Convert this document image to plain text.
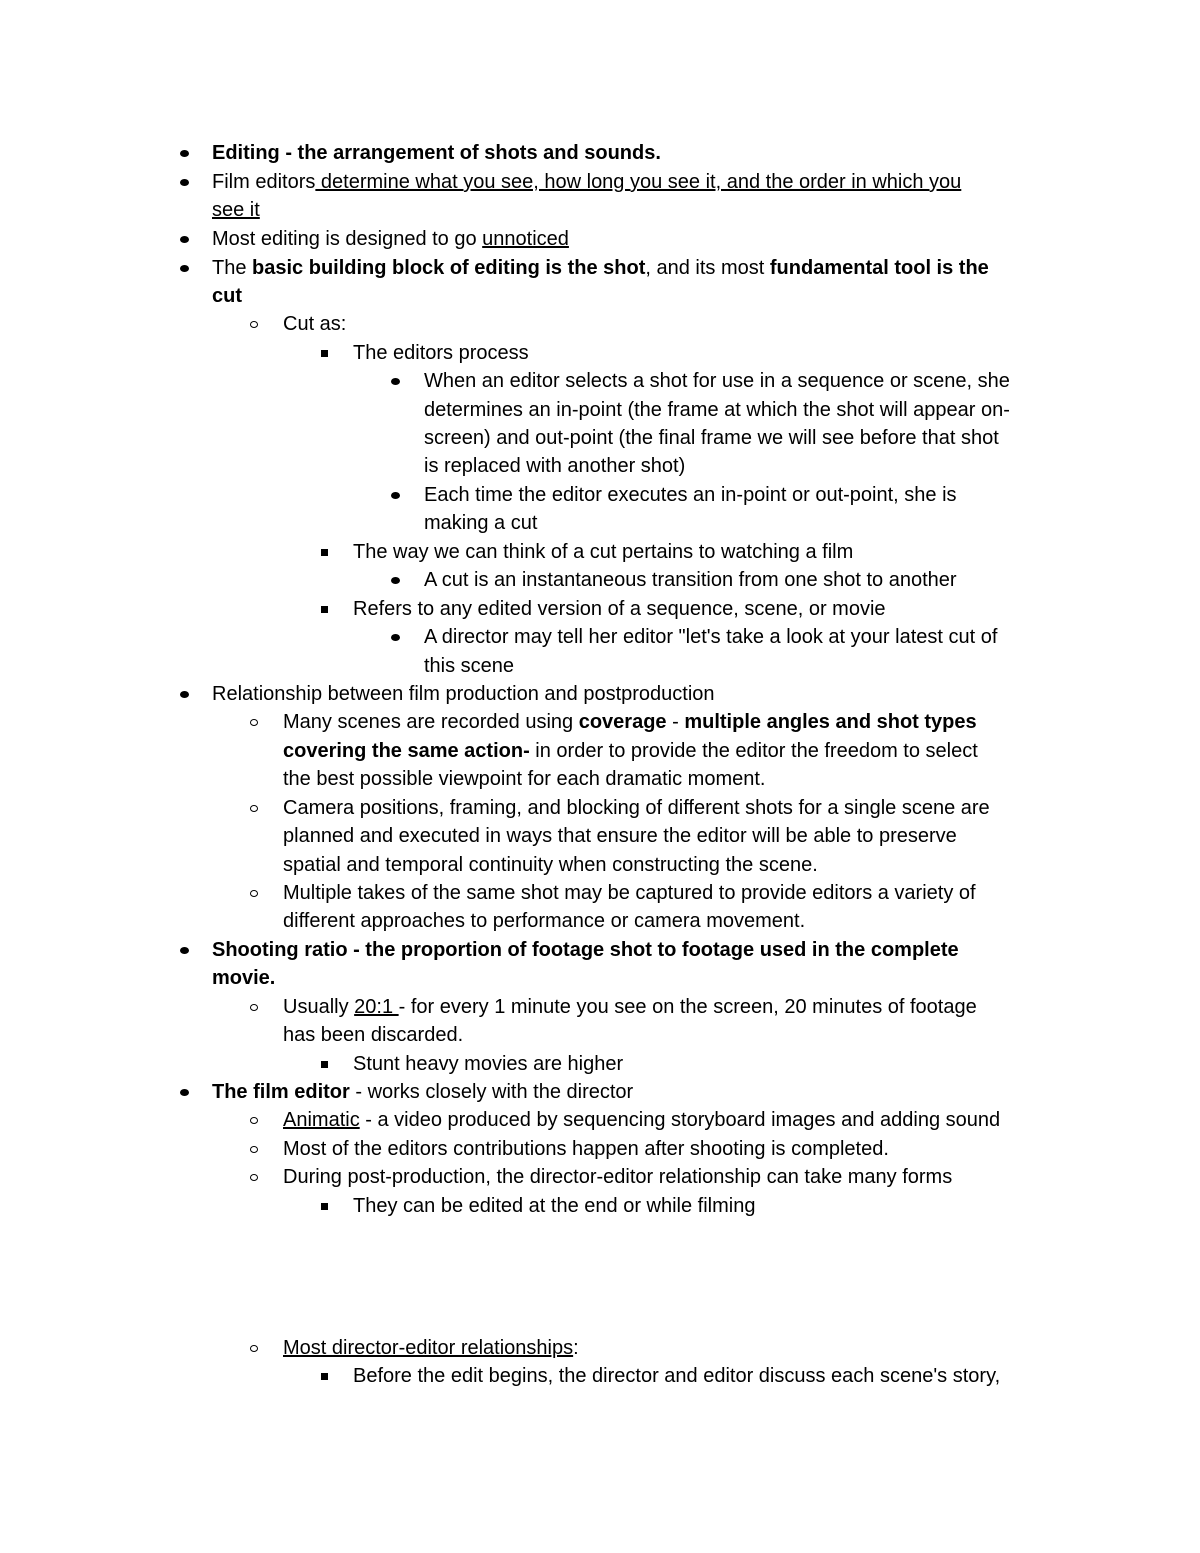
Editing - the arrangement of shots and sounds.
Film editors determine what you see, how long you see it, and the order in which you
see it
Most editing is designed to go unnoticed
The basic building block of editing is the shot, and its most fundamental tool is the
cut
Cut as:
The editors process
When an editor selects a shot for use in a sequence or scene, she
determines an in-point (the frame at which the shot will appear on-
screen) and out-point (the final frame we will see before that shot
is replaced with another shot)
Each time the editor executes an in-point or out-point, she is
making a cut
The way we can think of a cut pertains to watching a film
A cut is an instantaneous transition from one shot to another
Refers to any edited version of a sequence, scene, or movie
A director may tell her editor "let's take a look at your latest cut of
this scene
Relationship between film production and postproduction
Many scenes are recorded using coverage - multiple angles and shot types
covering the same action- in order to provide the editor the freedom to select
the best possible viewpoint for each dramatic moment.
Camera positions, framing, and blocking of different shots for a single scene are
planned and executed in ways that ensure the editor will be able to preserve
spatial and temporal continuity when constructing the scene.
Multiple takes of the same shot may be captured to provide editors a variety of
different approaches to performance or camera movement.
Shooting ratio - the proportion of footage shot to footage used in the complete
movie.
Usually 20:1 - for every 1 minute you see on the screen, 20 minutes of footage
has been discarded.
Stunt heavy movies are higher
The film editor - works closely with the director
Animatic - a video produced by sequencing storyboard images and adding sound
Most of the editors contributions happen after shooting is completed.
During post-production, the director-editor relationship can take many forms
They can be edited at the end or while filming
Most director-editor relationships:
Before the edit begins, the director and editor discuss each scene's story,
